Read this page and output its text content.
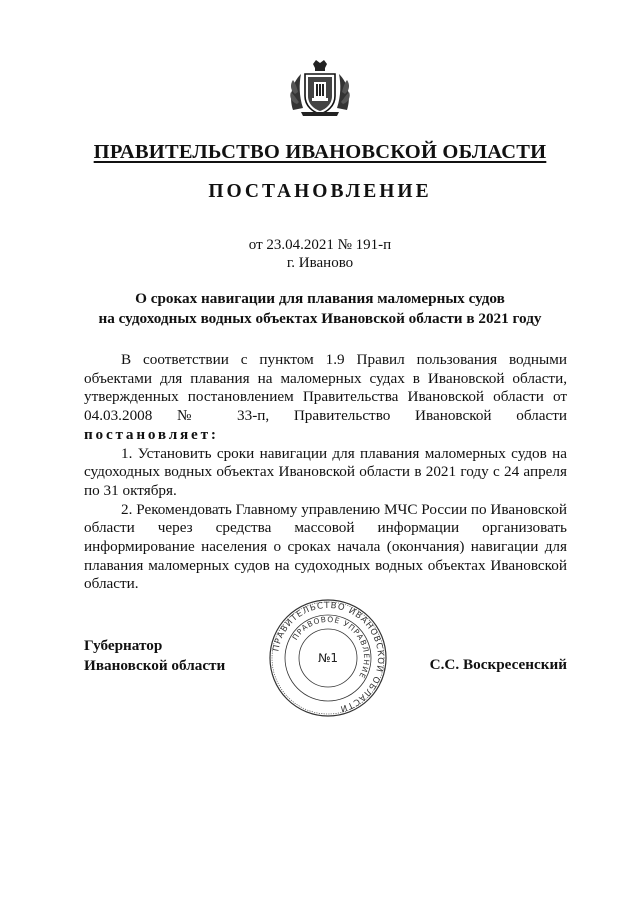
ПРАВИТЕЛЬСТВО ИВАНОВСКОЙ ОБЛАСТИ
ПОСТАНОВЛЕНИЕ
от 23.04.2021 № 191-п
г. Иваново
О сроках навигации для плавания маломерных судов
на судоходных водных объектах Ивановской области в 2021 году

В соответствии с пунктом 1.9 Правил пользования водными объектами для плавания на маломерных судах в Ивановской области, утвержденных постановлением Правительства Ивановской области от 04.03.2008 № 33-п, Правительство Ивановской области постановляет:

1. Установить сроки навигации для плавания маломерных судов на судоходных водных объектах Ивановской области в 2021 году с 24 апреля по 31 октября.

2. Рекомендовать Главному управлению МЧС России по Ивановской области через средства массовой информации организовать информирование населения о сроках начала (окончания) навигации для плавания маломерных судов на судоходных водных объектах Ивановской области.

Губернатор
Ивановской области
ПРАВИТЕЛЬСТВО ИВАНОВСКОЙ ОБЛАСТИ
ПРАВОВОЕ УПРАВЛЕНИЕ
№1	С.С. Воскресенский
